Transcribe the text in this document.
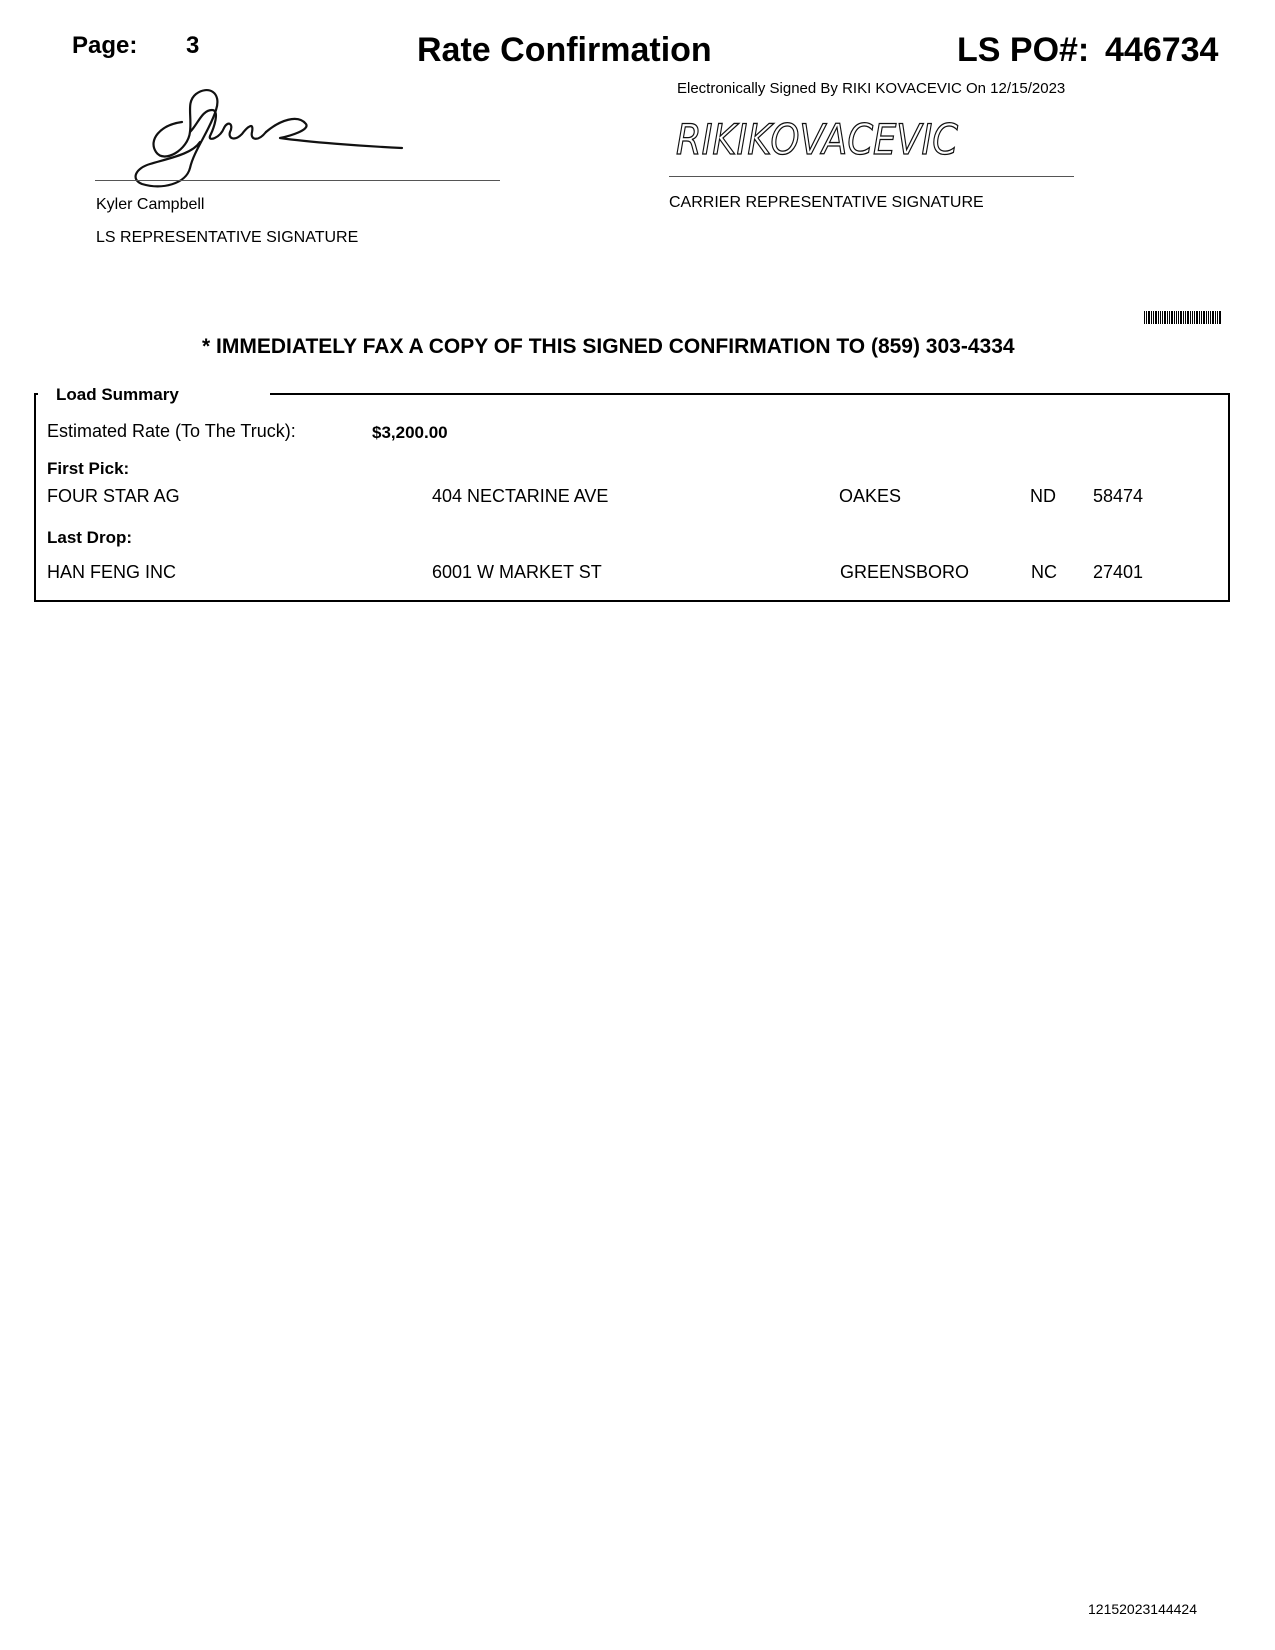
Page: 3	Rate Confirmation	LS PO#: 446734
Electronically Signed By RIKI KOVACEVIC On 12/15/2023
Kyler Campbell
LS REPRESENTATIVE SIGNATURE
RIKIKOVACEVIC
CARRIER REPRESENTATIVE SIGNATURE
* IMMEDIATELY FAX A COPY OF THIS SIGNED CONFIRMATION TO (859) 303-4334
Load Summary
Estimated Rate (To The Truck):	$3,200.00
First Pick:
FOUR STAR AG	404 NECTARINE AVE	OAKES	ND 58474
Last Drop:
HAN FENG INC	6001 W MARKET ST	GREENSBORO	NC 27401
12152023144424
